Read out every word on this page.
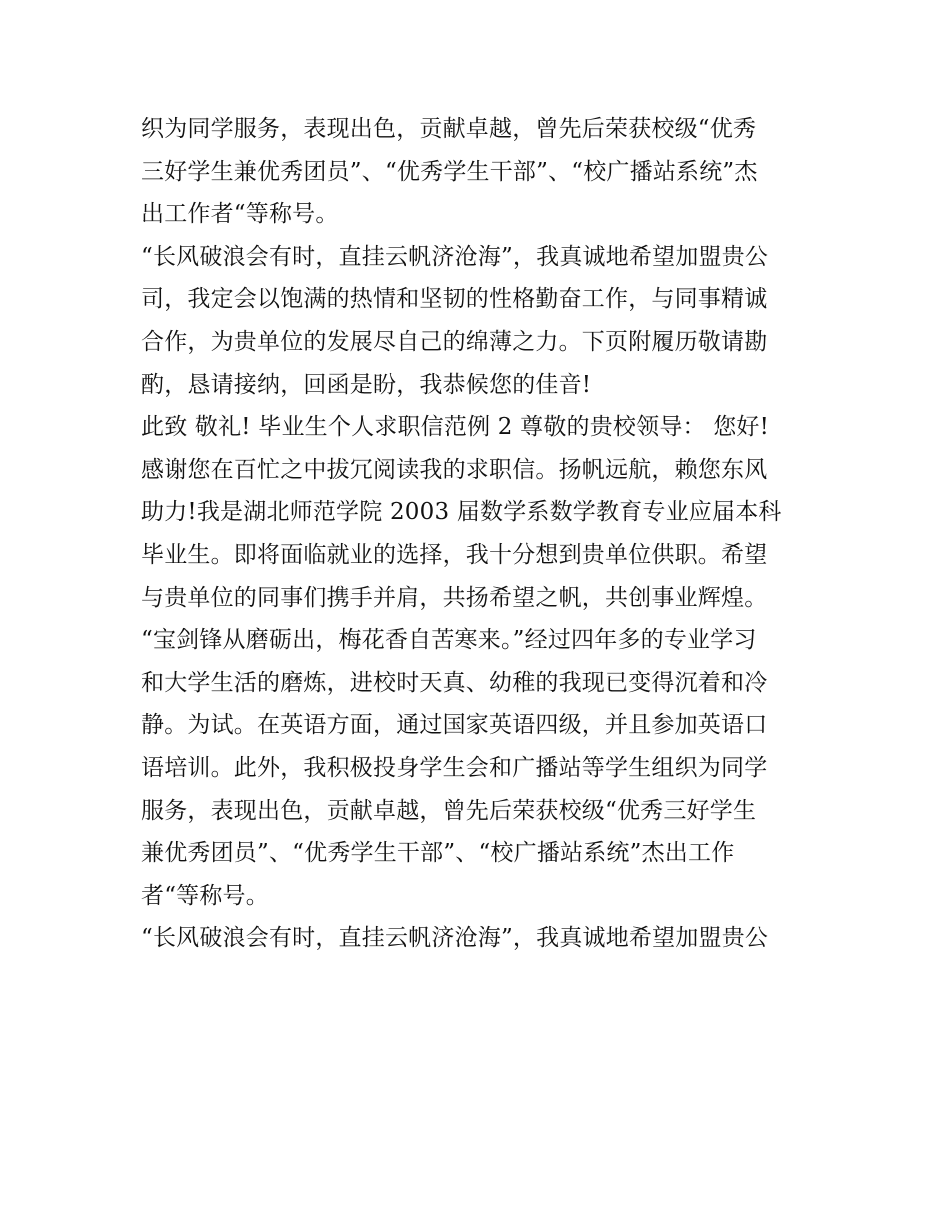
织为同学服务，表现出色，贡献卓越，曾先后荣获校级“优秀
三好学生兼优秀团员”、“优秀学生干部”、“校广播站系统”杰
出工作者“等称号。
“长风破浪会有时，直挂云帆济沧海”，我真诚地希望加盟贵公
司，我定会以饱满的热情和坚韧的性格勤奋工作，与同事精诚
合作，为贵单位的发展尽自己的绵薄之力。下页附履历敬请勘
酌，恳请接纳，回函是盼，我恭候您的佳音!
此致 敬礼! 毕业生个人求职信范例 2 尊敬的贵校领导： 您好!
感谢您在百忙之中拔冗阅读我的求职信。扬帆远航，赖您东风
助力!我是湖北师范学院 2003 届数学系数学教育专业应届本科
毕业生。即将面临就业的选择，我十分想到贵单位供职。希望
与贵单位的同事们携手并肩，共扬希望之帆，共创事业辉煌。
“宝剑锋从磨砺出，梅花香自苦寒来。”经过四年多的专业学习
和大学生活的磨炼，进校时天真、幼稚的我现已变得沉着和冷
静。为试。在英语方面，通过国家英语四级，并且参加英语口
语培训。此外，我积极投身学生会和广播站等学生组织为同学
服务，表现出色，贡献卓越，曾先后荣获校级“优秀三好学生
兼优秀团员”、“优秀学生干部”、“校广播站系统”杰出工作
者“等称号。
“长风破浪会有时，直挂云帆济沧海”，我真诚地希望加盟贵公
